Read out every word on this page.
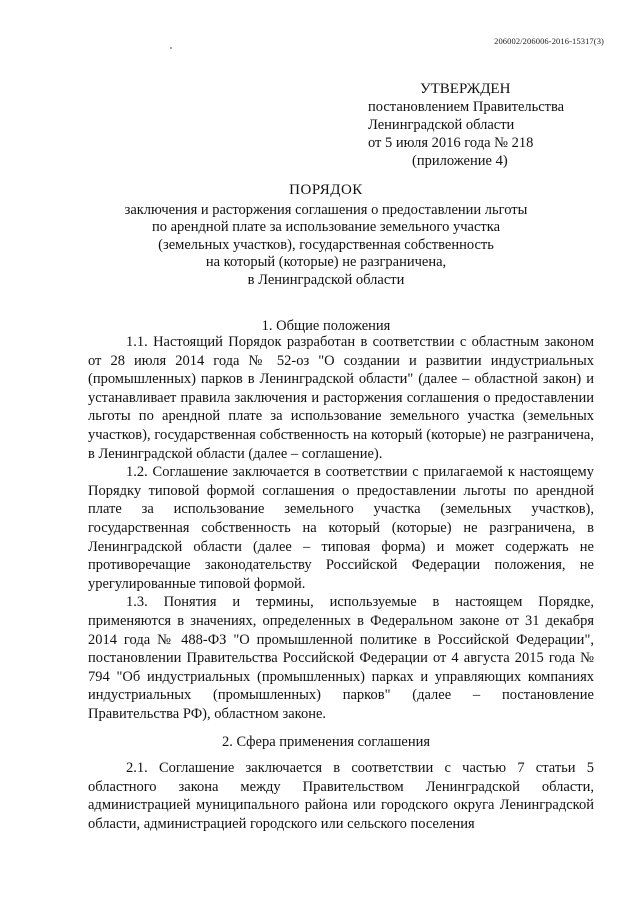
206002/206006-2016-15317(3)
УТВЕРЖДЕН
постановлением Правительства
Ленинградской области
от 5 июля 2016 года № 218
(приложение 4)
ПОРЯДОК
заключения и расторжения соглашения о предоставлении льготы
по арендной плате за использование земельного участка
(земельных участков), государственная собственность
на который (которые) не разграничена,
в Ленинградской области
1. Общие положения

1.1. Настоящий Порядок разработан в соответствии с областным законом от 28 июля 2014 года № 52-оз "О создании и развитии индустриальных (промышленных) парков в Ленинградской области" (далее – областной закон) и устанавливает правила заключения и расторжения соглашения о предоставлении льготы по арендной плате за использование земельного участка (земельных участков), государственная собственность на который (которые) не разграничена, в Ленинградской области (далее – соглашение).

1.2. Соглашение заключается в соответствии с прилагаемой к настоящему Порядку типовой формой соглашения о предоставлении льготы по арендной плате за использование земельного участка (земельных участков), государственная собственность на который (которые) не разграничена, в Ленинградской области (далее – типовая форма) и может содержать не противоречащие законодательству Российской Федерации положения, не урегулированные типовой формой.

1.3. Понятия и термины, используемые в настоящем Порядке, применяются в значениях, определенных в Федеральном законе от 31 декабря 2014 года № 488-ФЗ "О промышленной политике в Российской Федерации", постановлении Правительства Российской Федерации от 4 августа 2015 года № 794 "Об индустриальных (промышленных) парках и управляющих компаниях индустриальных (промышленных) парков" (далее – постановление Правительства РФ), областном законе.

2. Сфера применения соглашения

2.1. Соглашение заключается в соответствии с частью 7 статьи 5 областного закона между Правительством Ленинградской области, администрацией муниципального района или городского округа Ленинградской области, администрацией городского или сельского поселения
